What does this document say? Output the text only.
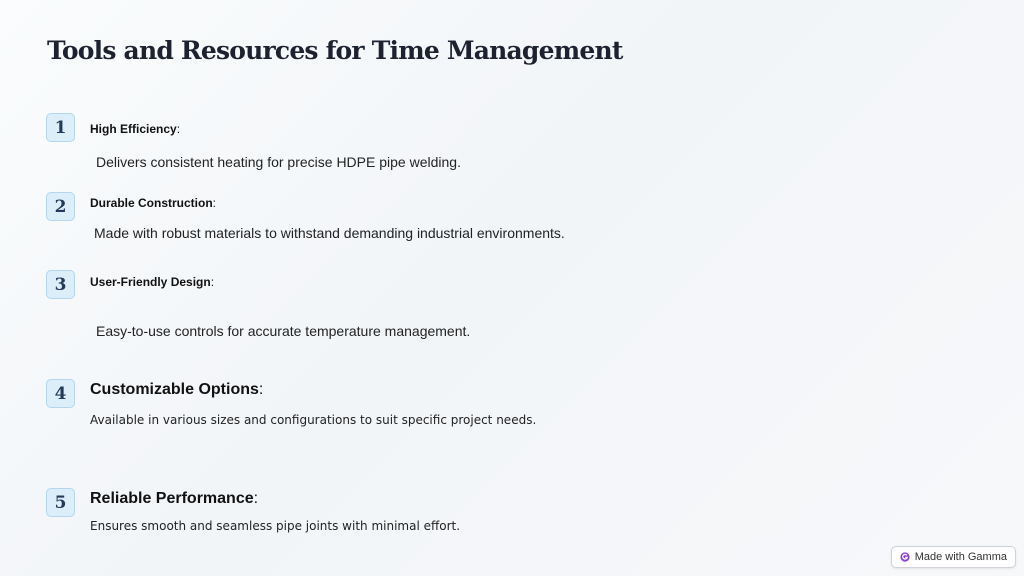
Tools and Resources for Time Management
1	High Efficiency:
Delivers consistent heating for precise HDPE pipe welding.
2	Durable Construction:
Made with robust materials to withstand demanding industrial environments.
3	User-Friendly Design:
Easy-to-use controls for accurate temperature management.
4	Customizable Options:
Available in various sizes and configurations to suit specific project needs.
5	Reliable Performance:
Ensures smooth and seamless pipe joints with minimal effort.
Made with Gamma
